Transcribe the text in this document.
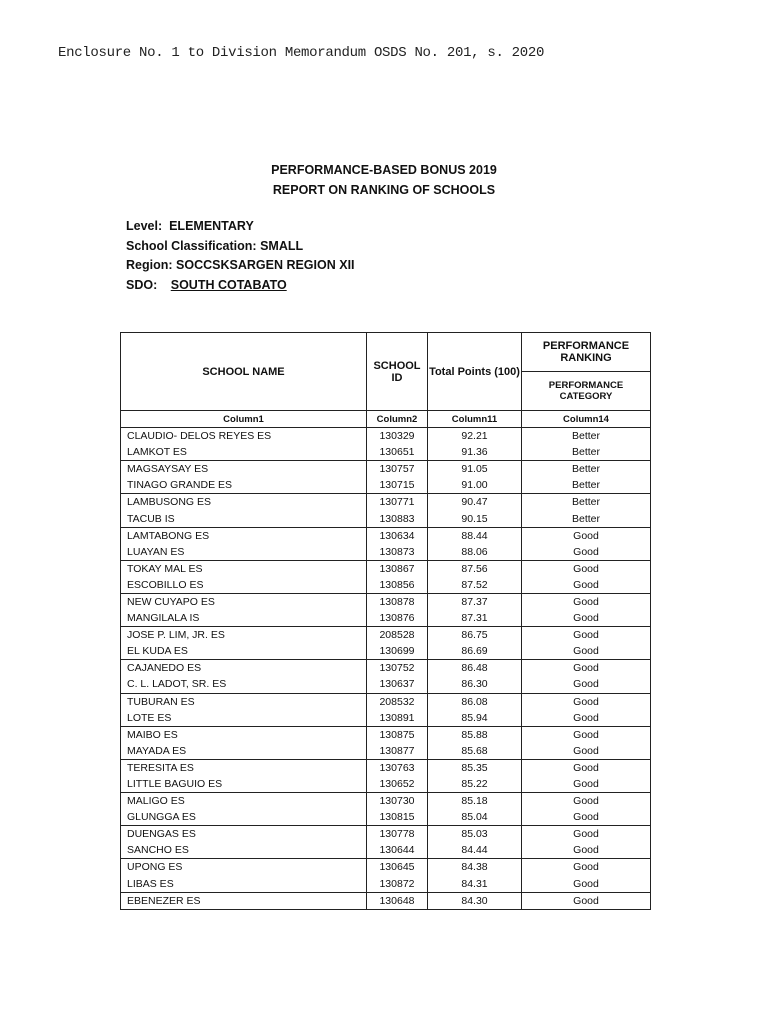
Enclosure No. 1 to Division Memorandum OSDS No. 201, s. 2020
PERFORMANCE-BASED BONUS 2019
REPORT ON RANKING OF SCHOOLS
Level: ELEMENTARY
School Classification: SMALL
Region: SOCCSKSARGEN REGION XII
SDO: SOUTH COTABATO
SCHOOL NAME	SCHOOL ID	Total Points (100)	PERFORMANCE RANKING
			PERFORMANCE CATEGORY
Column1	Column2	Column11	Column14
CLAUDIO- DELOS REYES ES	130329	92.21	Better
LAMKOT ES	130651	91.36	Better
MAGSAYSAY ES	130757	91.05	Better
TINAGO GRANDE ES	130715	91.00	Better
LAMBUSONG ES	130771	90.47	Better
TACUB IS	130883	90.15	Better
LAMTABONG ES	130634	88.44	Good
LUAYAN ES	130873	88.06	Good
TOKAY MAL ES	130867	87.56	Good
ESCOBILLO ES	130856	87.52	Good
NEW CUYAPO ES	130878	87.37	Good
MANGILALA IS	130876	87.31	Good
JOSE P. LIM, JR. ES	208528	86.75	Good
EL KUDA ES	130699	86.69	Good
CAJANEDO ES	130752	86.48	Good
C. L. LADOT, SR. ES	130637	86.30	Good
TUBURAN ES	208532	86.08	Good
LOTE ES	130891	85.94	Good
MAIBO ES	130875	85.88	Good
MAYADA ES	130877	85.68	Good
TERESITA ES	130763	85.35	Good
LITTLE BAGUIO ES	130652	85.22	Good
MALIGO ES	130730	85.18	Good
GLUNGGA ES	130815	85.04	Good
DUENGAS ES	130778	85.03	Good
SANCHO ES	130644	84.44	Good
UPONG ES	130645	84.38	Good
LIBAS ES	130872	84.31	Good
EBENEZER ES	130648	84.30	Good
